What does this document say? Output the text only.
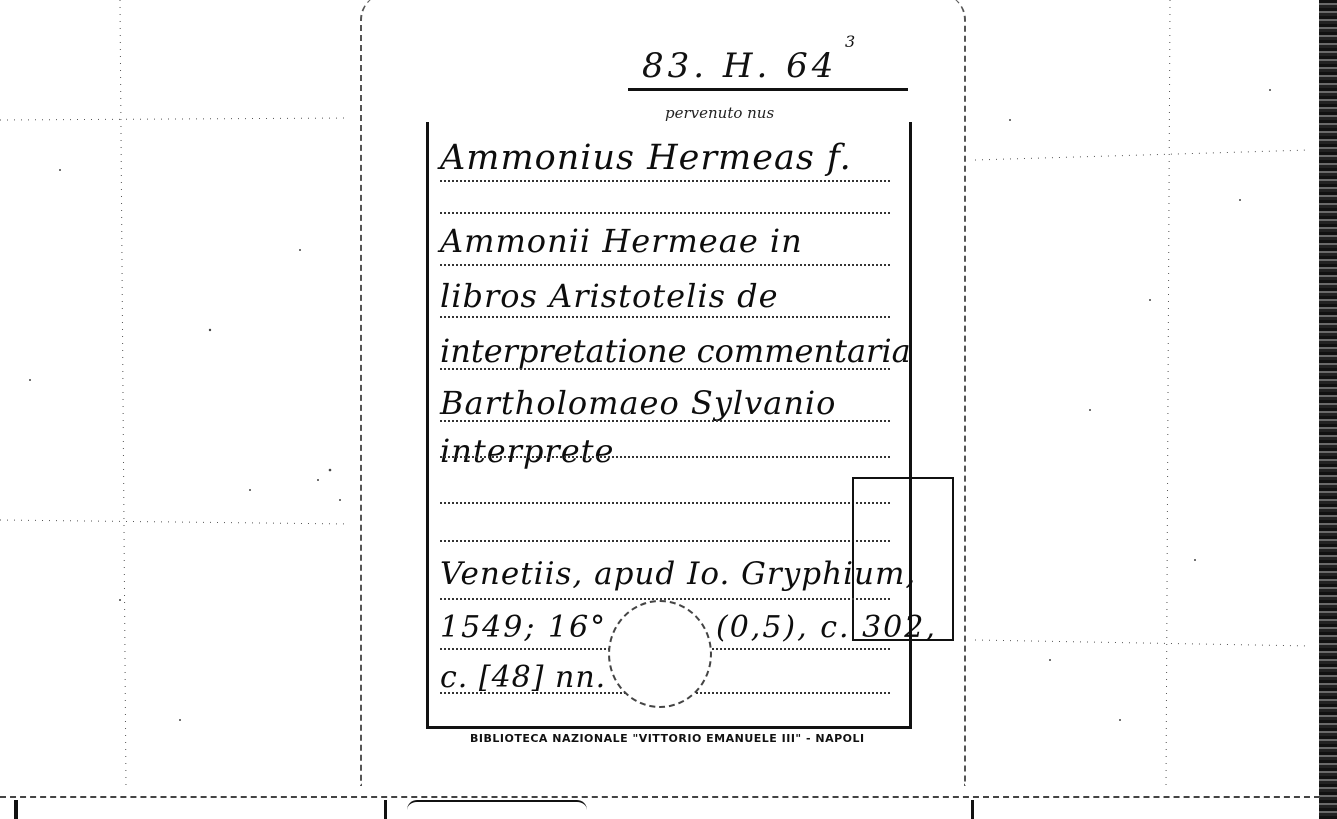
83. H. 64
3
pervenuto nus
Ammonius Hermeas f.
Ammonii Hermeae in
libros Aristotelis de
interpretatione commentaria
Bartholomaeo Sylvanio
interprete
Venetiis, apud Io. Gryphium,
1549; 16°	(0,5), c. 302,
c. [48] nn.
BIBLIOTECA NAZIONALE "VITTORIO EMANUELE III" - NAPOLI
